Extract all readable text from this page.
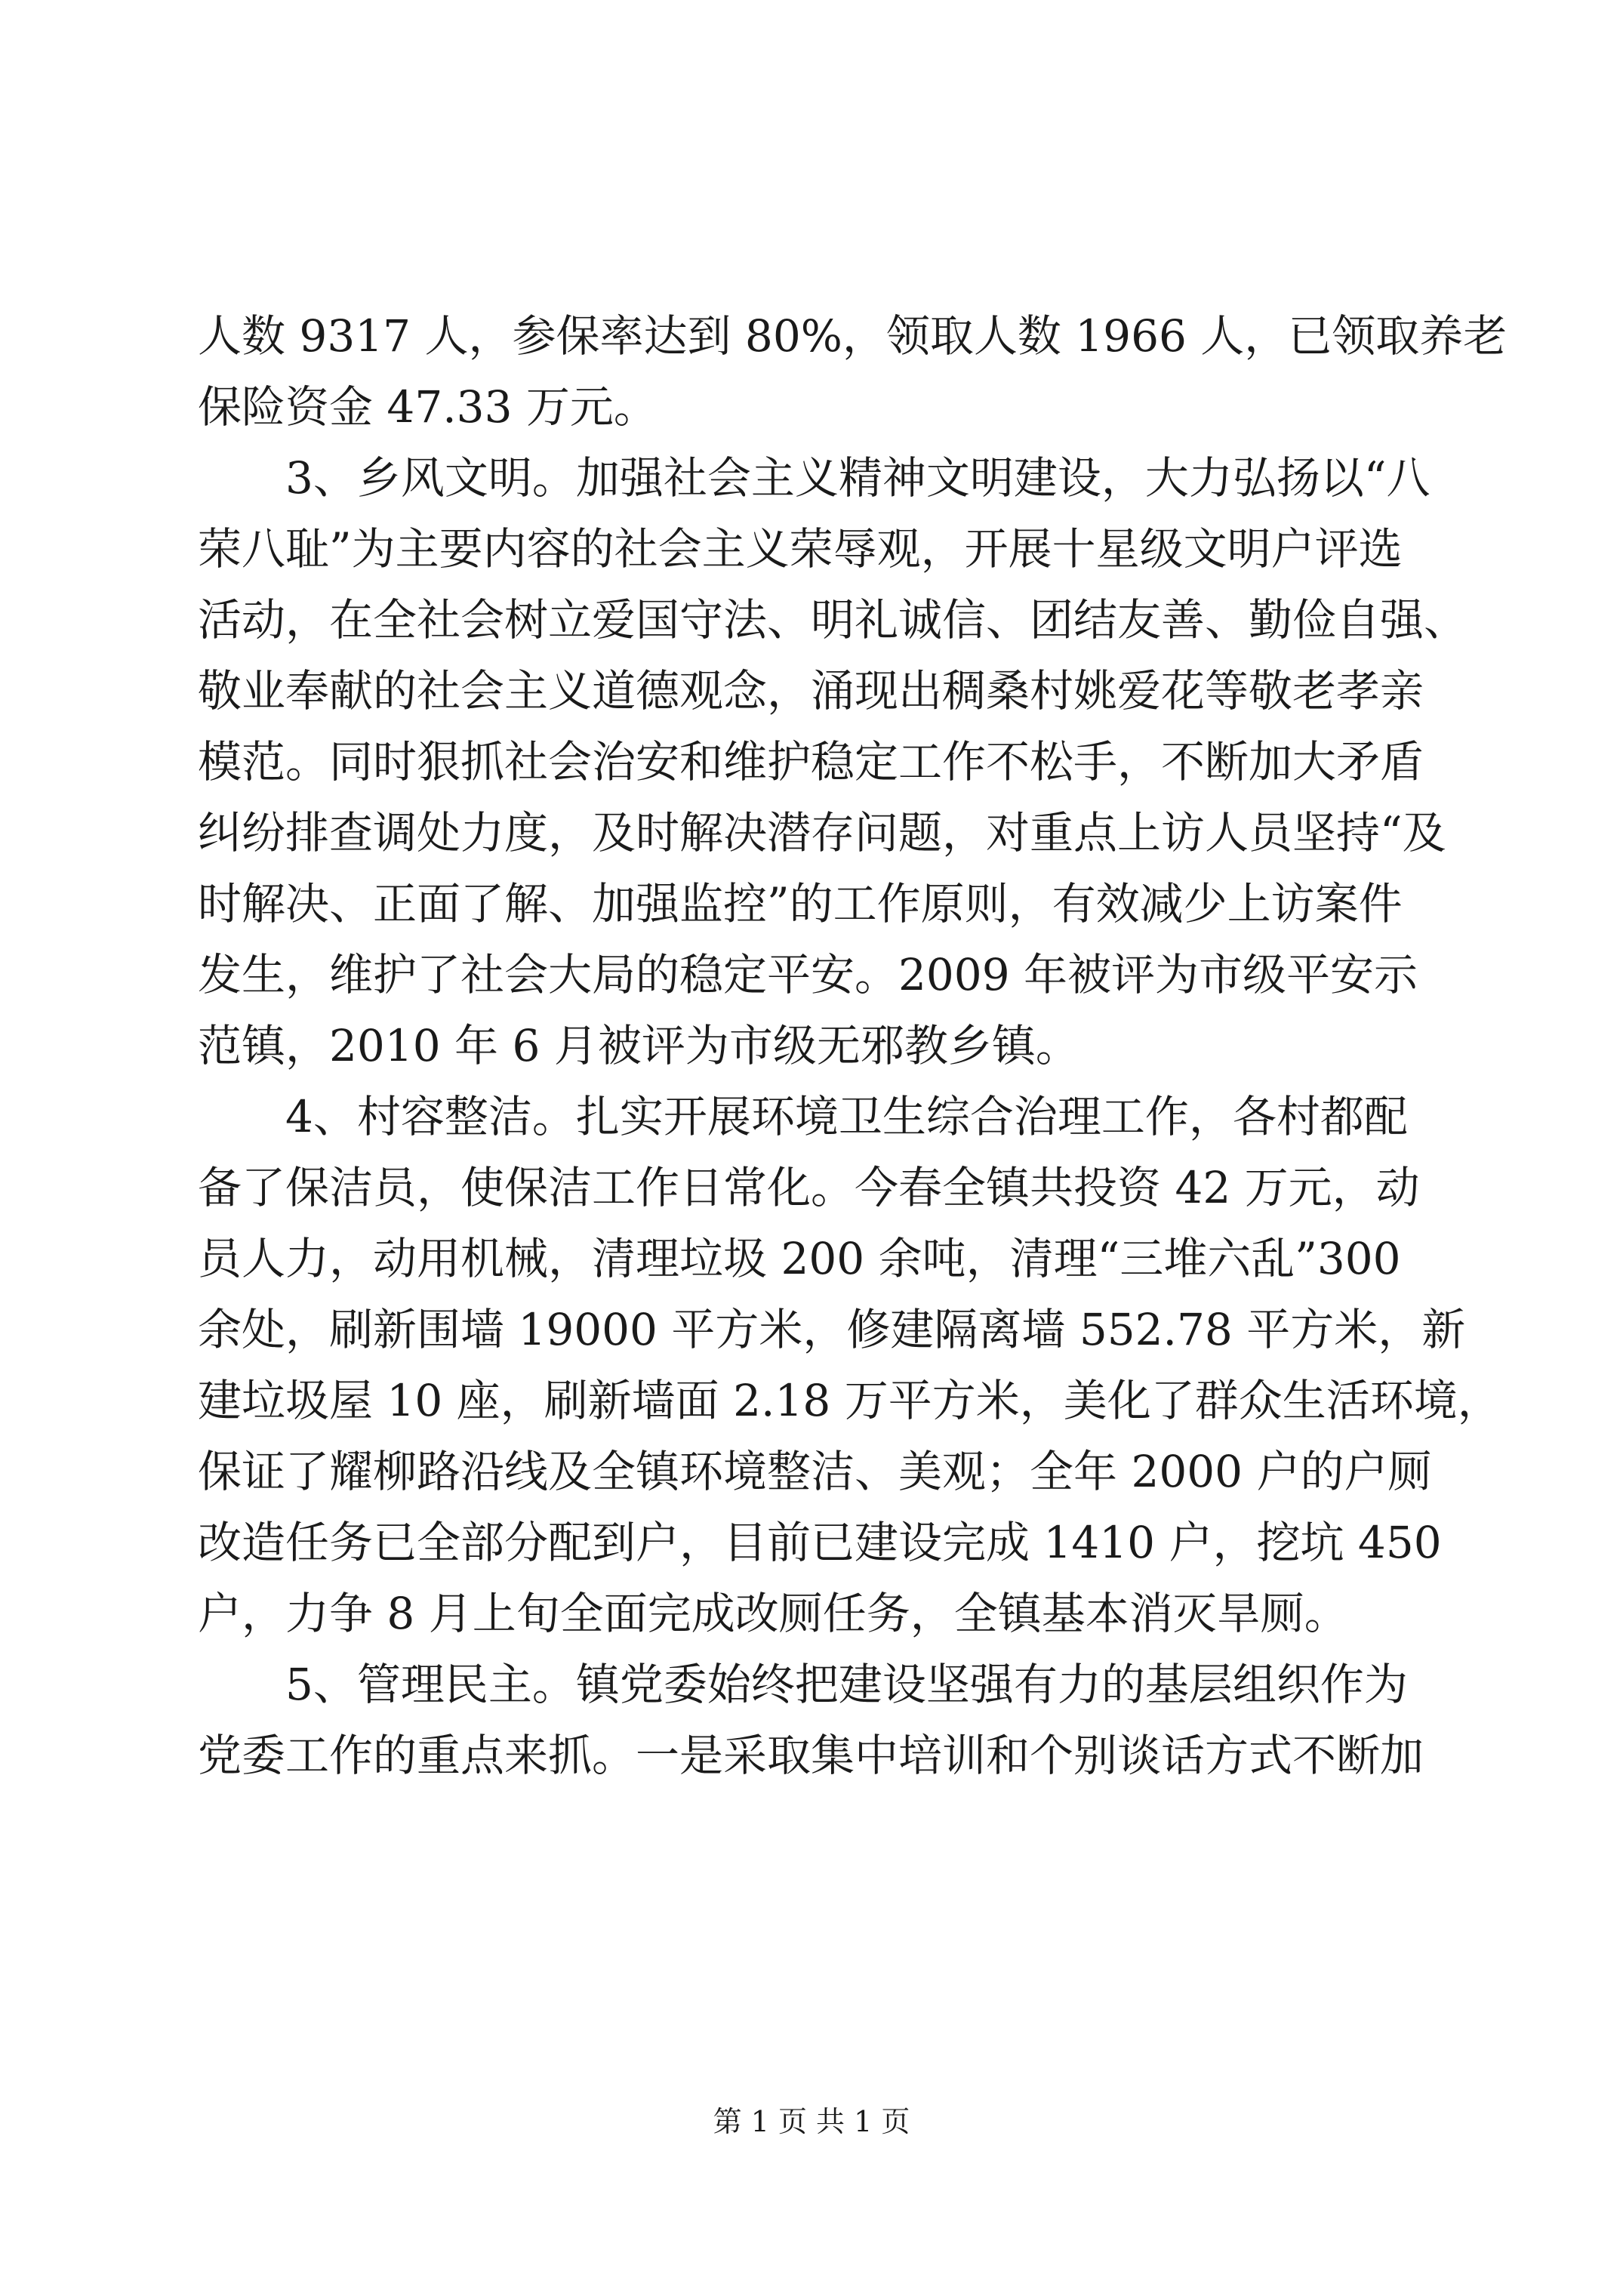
人数 9317 人，参保率达到 80%，领取人数 1966 人，已领取养老
保险资金 47.33 万元。
　　3、乡风文明。加强社会主义精神文明建设，大力弘扬以“八
荣八耻”为主要内容的社会主义荣辱观，开展十星级文明户评选
活动，在全社会树立爱国守法、明礼诚信、团结友善、勤俭自强、
敬业奉献的社会主义道德观念，涌现出稠桑村姚爱花等敬老孝亲
模范。同时狠抓社会治安和维护稳定工作不松手，不断加大矛盾
纠纷排查调处力度，及时解决潜存问题，对重点上访人员坚持“及
时解决、正面了解、加强监控”的工作原则，有效减少上访案件
发生，维护了社会大局的稳定平安。2009 年被评为市级平安示
范镇，2010 年 6 月被评为市级无邪教乡镇。
　　4、村容整洁。扎实开展环境卫生综合治理工作，各村都配
备了保洁员，使保洁工作日常化。今春全镇共投资 42 万元，动
员人力，动用机械，清理垃圾 200 余吨，清理“三堆六乱”300
余处，刷新围墙 19000 平方米，修建隔离墙 552.78 平方米，新
建垃圾屋 10 座，刷新墙面 2.18 万平方米，美化了群众生活环境，
保证了耀柳路沿线及全镇环境整洁、美观；全年 2000 户的户厕
改造任务已全部分配到户，目前已建设完成 1410 户，挖坑 450
户，力争 8 月上旬全面完成改厕任务，全镇基本消灭旱厕。
　　5、管理民主。镇党委始终把建设坚强有力的基层组织作为
党委工作的重点来抓。一是采取集中培训和个别谈话方式不断加
第 1 页 共 1 页
